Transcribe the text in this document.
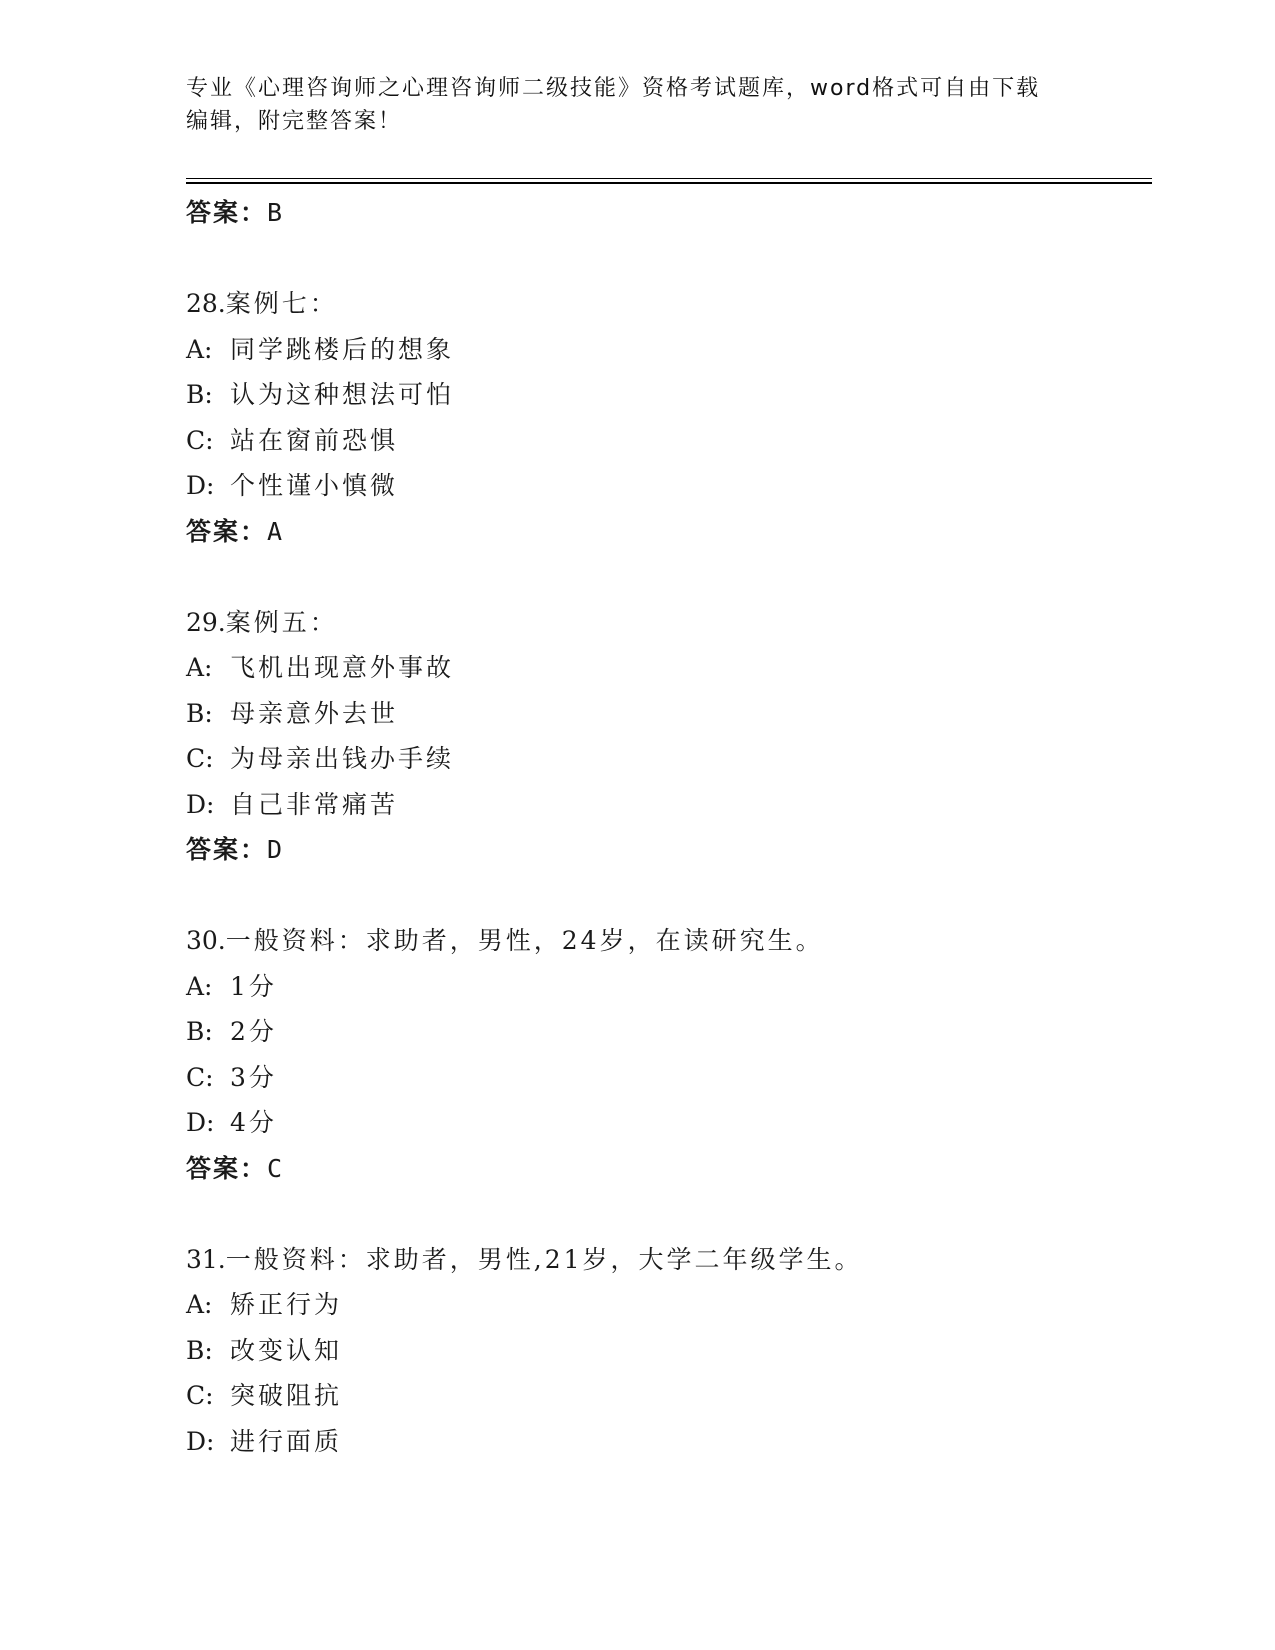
专业《心理咨询师之心理咨询师二级技能》资格考试题库，word格式可自由下载
编辑，附完整答案！
答案：B
28.案例七：
A: 同学跳楼后的想象
B: 认为这种想法可怕
C: 站在窗前恐惧
D: 个性谨小慎微
答案：A
29.案例五：
A: 飞机出现意外事故
B: 母亲意外去世
C: 为母亲出钱办手续
D: 自己非常痛苦
答案：D
30.一般资料：求助者，男性，24岁，在读研究生。
A: 1分
B: 2分
C: 3分
D: 4分
答案：C
31.一般资料：求助者，男性,21岁，大学二年级学生。
A: 矫正行为
B: 改变认知
C: 突破阻抗
D: 进行面质
